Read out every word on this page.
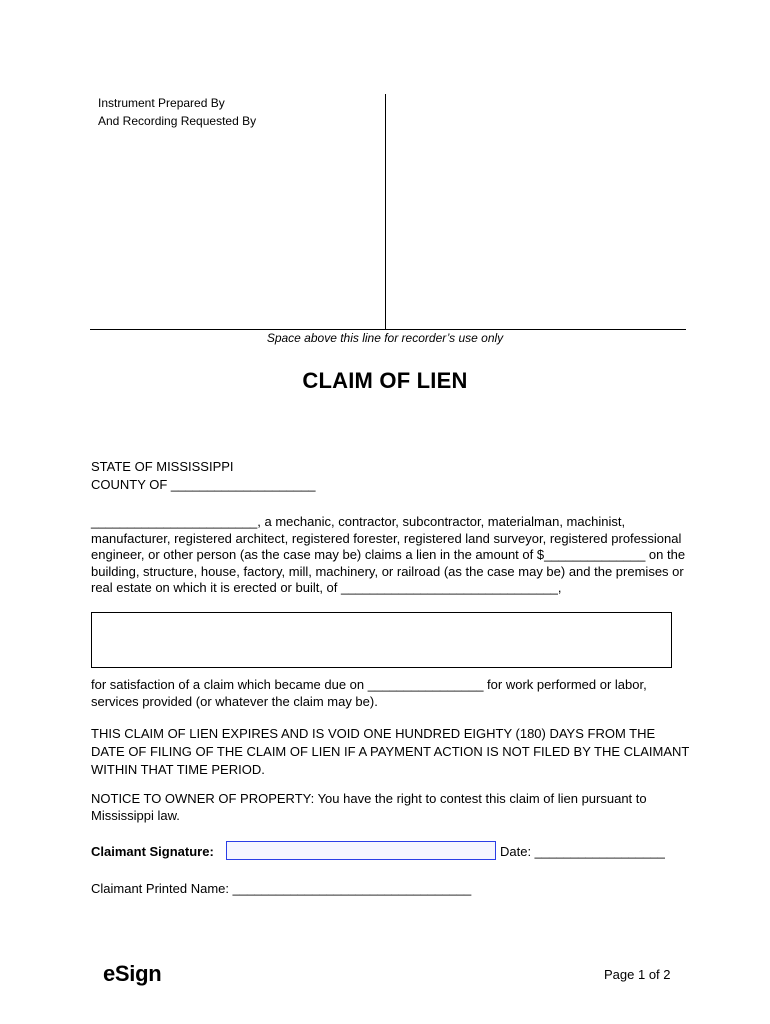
Instrument Prepared By
And Recording Requested By
Space above this line for recorder’s use only
CLAIM OF LIEN
STATE OF MISSISSIPPI
COUNTY OF ____________________
_______________________, a mechanic, contractor, subcontractor, materialman, machinist, manufacturer, registered architect, registered forester, registered land surveyor, registered professional engineer, or other person (as the case may be) claims a lien in the amount of $______________ on the building, structure, house, factory, mill, machinery, or railroad (as the case may be) and the premises or real estate on which it is erected or built, of ______________________________,
for satisfaction of a claim which became due on ________________ for work performed or labor, services provided (or whatever the claim may be).
THIS CLAIM OF LIEN EXPIRES AND IS VOID ONE HUNDRED EIGHTY (180) DAYS FROM THE DATE OF FILING OF THE CLAIM OF LIEN IF A PAYMENT ACTION IS NOT FILED BY THE CLAIMANT WITHIN THAT TIME PERIOD.
NOTICE TO OWNER OF PROPERTY: You have the right to contest this claim of lien pursuant to Mississippi law.
Claimant Signature:	Date: __________________
Claimant Printed Name: _________________________________
eSign	Page 1 of 2
